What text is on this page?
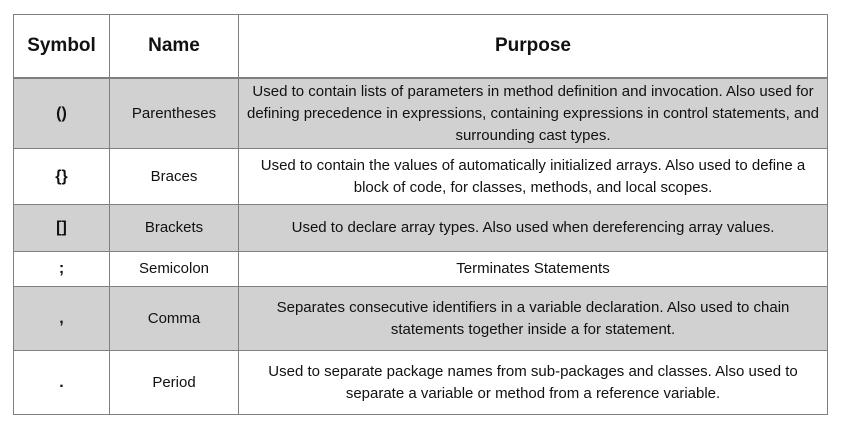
Symbol	Name	Purpose
()	Parentheses	Used to contain lists of parameters in method definition and invocation. Also used for defining precedence in expressions, containing expressions in control statements, and surrounding cast types.
{}	Braces	Used to contain the values of automatically initialized arrays. Also used to define a block of code, for classes, methods, and local scopes.
[]	Brackets	Used to declare array types. Also used when dereferencing array values.
;	Semicolon	Terminates Statements
,	Comma	Separates consecutive identifiers in a variable declaration. Also used to chain statements together inside a for statement.
.	Period	Used to separate package names from sub-packages and classes. Also used to separate a variable or method from a reference variable.
